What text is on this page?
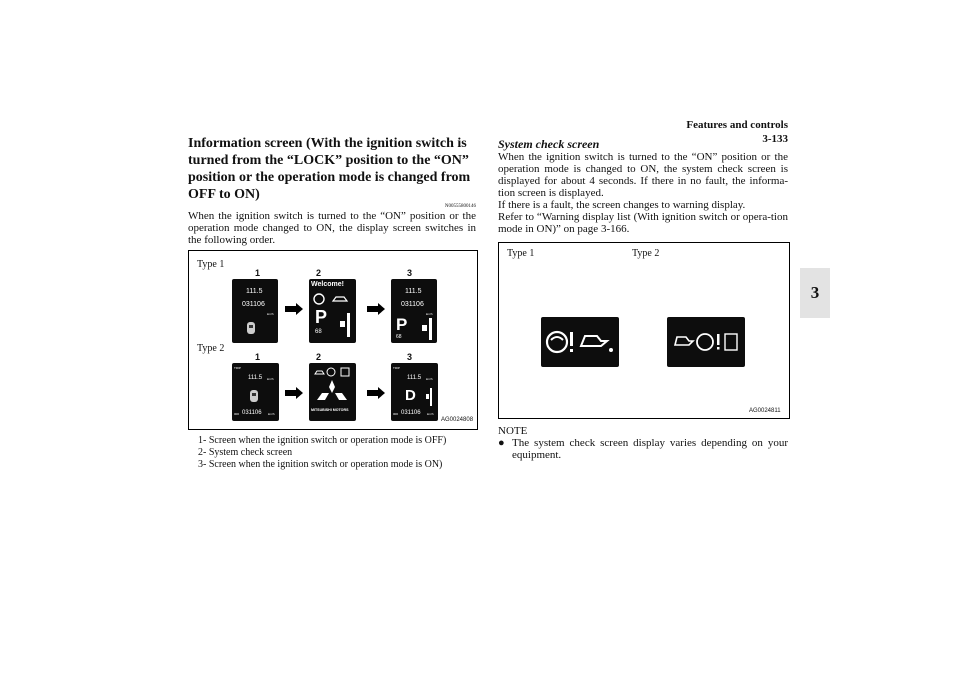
Features and controls
3-133
3
Information screen (With the ignition switch is turned from the “LOCK” position to the “ON” position or the operation mode is changed from OFF to ON)
N00555800146

When the ignition switch is turned to the “ON” position or the operation mode changed to ON, the display screen switches in the following order.

Type 1
Type 2
1	2	3
1	2	3
111.5
031106
km/h
Welcome!
P
68
111.5
031106
km/h
P
68
TRIP
111.5 km/h
000 031106 km/h
MITSUBISHI MOTORS
TRIP
111.5 km/h
D
000 031106 km/h
AG0024808
1- Screen when the ignition switch or operation mode is OFF)
2- System check screen
3- Screen when the ignition switch or operation mode is ON)
System check screen

When the ignition switch is turned to the “ON” position or the operation mode is changed to ON, the system check screen is displayed for about 4 seconds. If there in no fault, the informa-tion screen is displayed.
If there is a fault, the screen changes to warning display.
Refer to “Warning display list (With ignition switch or opera-tion mode in ON)” on page 3-166.

Type 1	Type 2
AG0024811
NOTE
● The system check screen display varies depending on your equipment.
